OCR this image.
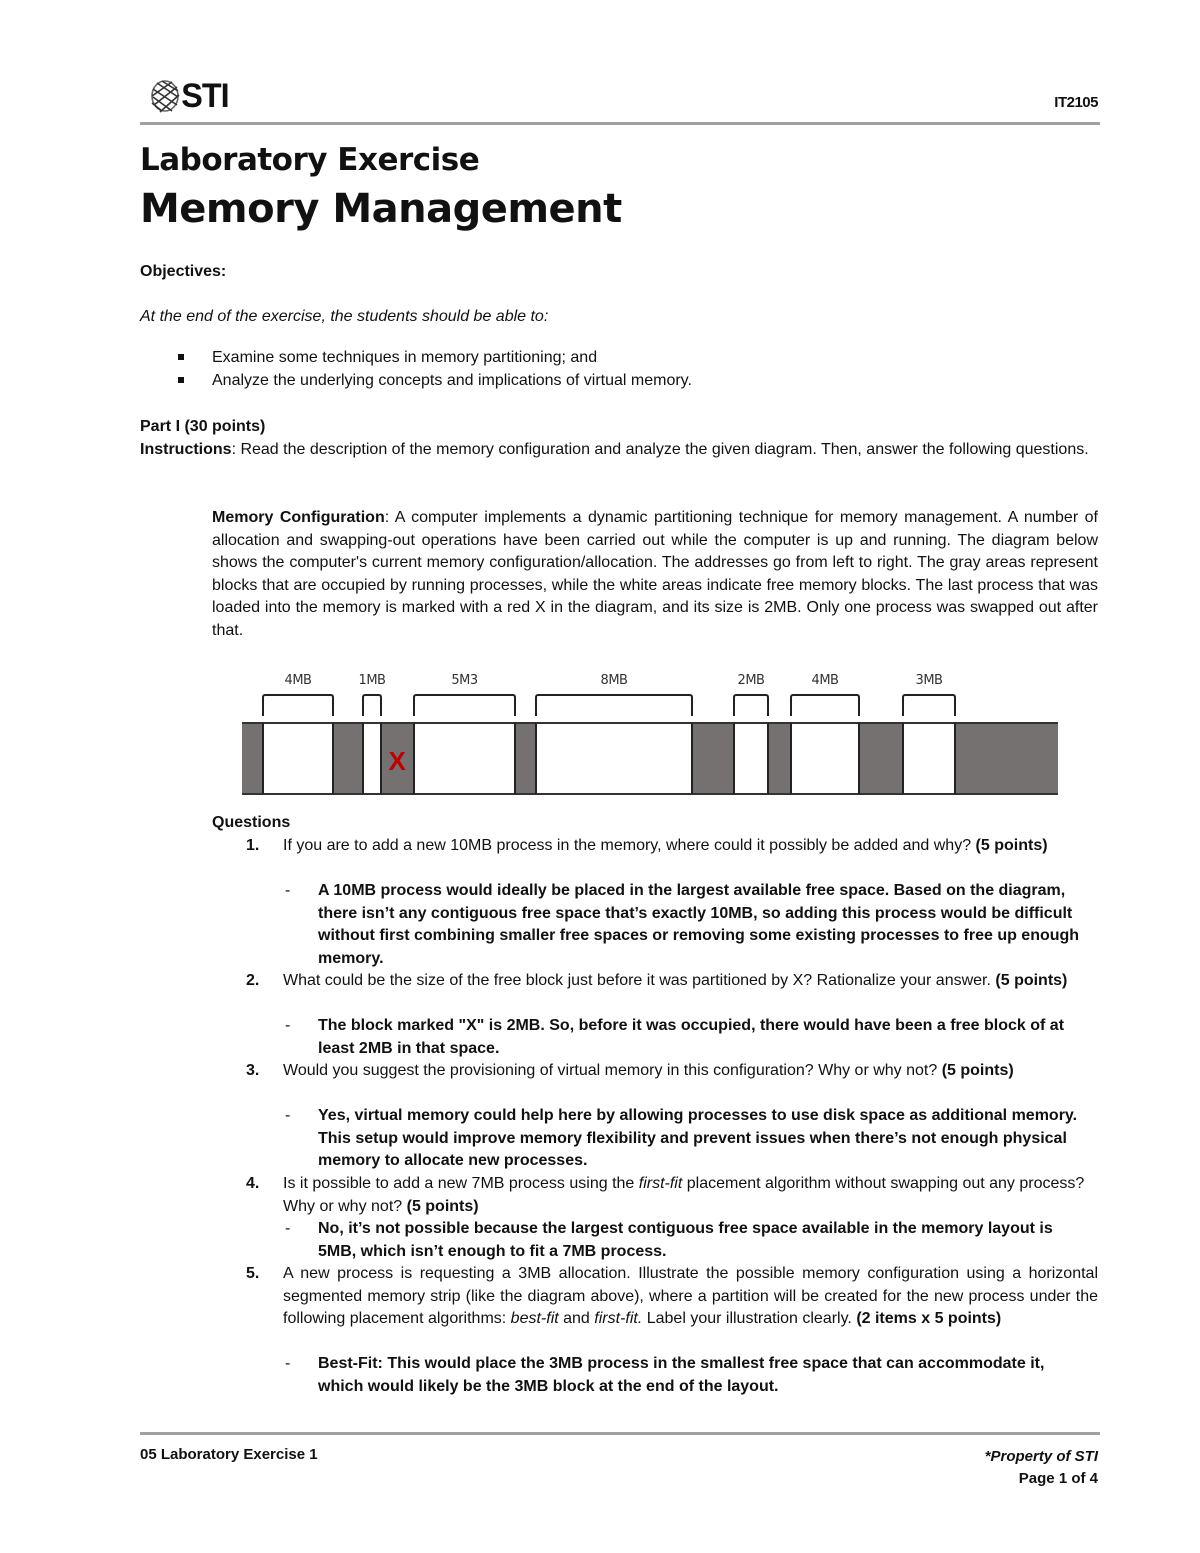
STI	IT2105
Laboratory Exercise
Memory Management
Objectives:
At the end of the exercise, the students should be able to:
Examine some techniques in memory partitioning; and
Analyze the underlying concepts and implications of virtual memory.
Part I (30 points)
Instructions: Read the description of the memory configuration and analyze the given diagram. Then, answer the following questions.
Memory Configuration: A computer implements a dynamic partitioning technique for memory management. A number of allocation and swapping-out operations have been carried out while the computer is up and running. The diagram below shows the computer's current memory configuration/allocation. The addresses go from left to right. The gray areas represent blocks that are occupied by running processes, while the white areas indicate free memory blocks. The last process that was loaded into the memory is marked with a red X in the diagram, and its size is 2MB. Only one process was swapped out after that.
4MB	1MB	5M3	8MB	2MB	4MB	3MB
X
Questions
1. If you are to add a new 10MB process in the memory, where could it possibly be added and why? (5 points)
- A 10MB process would ideally be placed in the largest available free space. Based on the diagram, there isn’t any contiguous free space that’s exactly 10MB, so adding this process would be difficult without first combining smaller free spaces or removing some existing processes to free up enough memory.
2. What could be the size of the free block just before it was partitioned by X? Rationalize your answer. (5 points)
- The block marked "X" is 2MB. So, before it was occupied, there would have been a free block of at least 2MB in that space.
3. Would you suggest the provisioning of virtual memory in this configuration? Why or why not? (5 points)
- Yes, virtual memory could help here by allowing processes to use disk space as additional memory. This setup would improve memory flexibility and prevent issues when there’s not enough physical memory to allocate new processes.
4. Is it possible to add a new 7MB process using the first-fit placement algorithm without swapping out any process? Why or why not? (5 points)
- No, it’s not possible because the largest contiguous free space available in the memory layout is 5MB, which isn’t enough to fit a 7MB process.
5. A new process is requesting a 3MB allocation. Illustrate the possible memory configuration using a horizontal segmented memory strip (like the diagram above), where a partition will be created for the new process under the following placement algorithms: best-fit and first-fit. Label your illustration clearly. (2 items x 5 points)
- Best-Fit: This would place the 3MB process in the smallest free space that can accommodate it, which would likely be the 3MB block at the end of the layout.
05 Laboratory Exercise 1	*Property of STI
Page 1 of 4
